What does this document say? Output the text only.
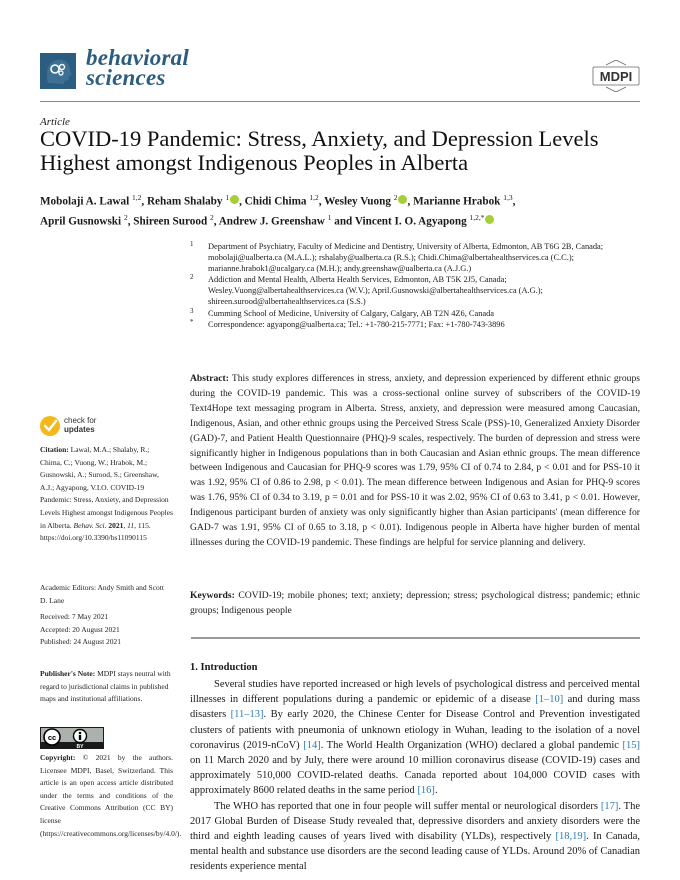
behavioral
sciences	MDPI
Article
COVID-19 Pandemic: Stress, Anxiety, and Depression Levels
Highest amongst Indigenous Peoples in Alberta
Mobolaji A. Lawal $^{1,2}$, Reham Shalaby $^1$ , Chidi Chima $^{1,2}$, Wesley Vuong $^2$ , Marianne Hrabok $^{1,3}$,
April Gusnowski $^2$, Shireen Surood $^2$, Andrew J. Greenshaw $^1$ and Vincent I. O. Agyapong $^{1,2,*}$
1 Department of Psychiatry, Faculty of Medicine and Dentistry, University of Alberta, Edmonton, AB T6G 2B, Canada; mobolaji@ualberta.ca (M.A.L.); rshalaby@ualberta.ca (R.S.); Chidi.Chima@albertahealthservices.ca (C.C.); marianne.hrabok1@ucalgary.ca (M.H.); andy.greenshaw@ualberta.ca (A.J.G.)
2 Addiction and Mental Health, Alberta Health Services, Edmonton, AB T5K 2J5, Canada; Wesley.Vuong@albertahealthservices.ca (W.V.); April.Gusnowski@albertahealthservices.ca (A.G.); shireen.surood@albertahealthservices.ca (S.S.)
3 Cumming School of Medicine, University of Calgary, Calgary, AB T2N 4Z6, Canada
* Correspondence: agyapong@ualberta.ca; Tel.: +1-780-215-7771; Fax: +1-780-743-3896
Abstract: This study explores differences in stress, anxiety, and depression experienced by different ethnic groups during the COVID-19 pandemic. This was a cross-sectional online survey of subscribers of the COVID-19 Text4Hope text messaging program in Alberta. Stress, anxiety, and depression were measured among Caucasian, Indigenous, Asian, and other ethnic groups using the Perceived Stress Scale (PSS)-10, Generalized Anxiety Disorder (GAD)-7, and Patient Health Questionnaire (PHQ)-9 scales, respectively. The burden of depression and stress were significantly higher in Indigenous populations than in both Caucasian and Asian ethnic groups. The mean difference between Indigenous and Caucasian for PHQ-9 scores was 1.79, 95% CI of 0.74 to 2.84, p < 0.01 and for PSS-10 it was 1.92, 95% CI of 0.86 to 2.98, p < 0.01). The mean difference between Indigenous and Asian for PHQ-9 scores was 1.76, 95% CI of 0.34 to 3.19, p = 0.01 and for PSS-10 it was 2.02, 95% CI of 0.63 to 3.41, p < 0.01. However, Indigenous participant burden of anxiety was only significantly higher than Asian participants' (mean difference for GAD-7 was 1.91, 95% CI of 0.65 to 3.18, p < 0.01). Indigenous people in Alberta have higher burden of mental illnesses during the COVID-19 pandemic. These findings are helpful for service planning and delivery.
Keywords: COVID-19; mobile phones; text; anxiety; depression; stress; psychological distress; pandemic; ethnic groups; Indigenous people
check for
updates
Citation: Lawal, M.A.; Shalaby, R.; Chima, C.; Vuong, W.; Hrabok, M.; Gusnowski, A.; Surood, S.; Greenshaw, A.J.; Agyapong, V.I.O. COVID-19 Pandemic: Stress, Anxiety, and Depression Levels Highest amongst Indigenous Peoples in Alberta. Behav. Sci. 2021, 11, 115. https://doi.org/10.3390/bs11090115
Academic Editors: Andy Smith and Scott D. Lane
Received: 7 May 2021
Accepted: 20 August 2021
Published: 24 August 2021
Publisher's Note: MDPI stays neutral with regard to jurisdictional claims in published maps and institutional affiliations.
cc
BY
Copyright: © 2021 by the authors. Licensee MDPI, Basel, Switzerland. This article is an open access article distributed under the terms and conditions of the Creative Commons Attribution (CC BY) license (https://creativecommons.org/licenses/by/4.0/).
1. Introduction

Several studies have reported increased or high levels of psychological distress and perceived mental illnesses in different populations during a pandemic or epidemic of a disease [1–10] and during mass disasters [11–13]. By early 2020, the Chinese Center for Disease Control and Prevention investigated clusters of patients with pneumonia of unknown etiology in Wuhan, leading to the isolation of a novel coronavirus (2019-nCoV) [14]. The World Health Organization (WHO) declared a global pandemic [15] on 11 March 2020 and by July, there were around 10 million coronavirus disease (COVID-19) cases and approximately 510,000 COVID-related deaths. Canada reported about 104,000 COVID cases with approximately 8600 related deaths in the same period [16].

The WHO has reported that one in four people will suffer mental or neurological disorders [17]. The 2017 Global Burden of Disease Study revealed that, depressive disorders and anxiety disorders were the third and eighth leading causes of years lived with disability (YLDs), respectively [18,19]. In Canada, mental health and substance use disorders are the second leading cause of YLDs. Around 20% of Canadian residents experience mental
